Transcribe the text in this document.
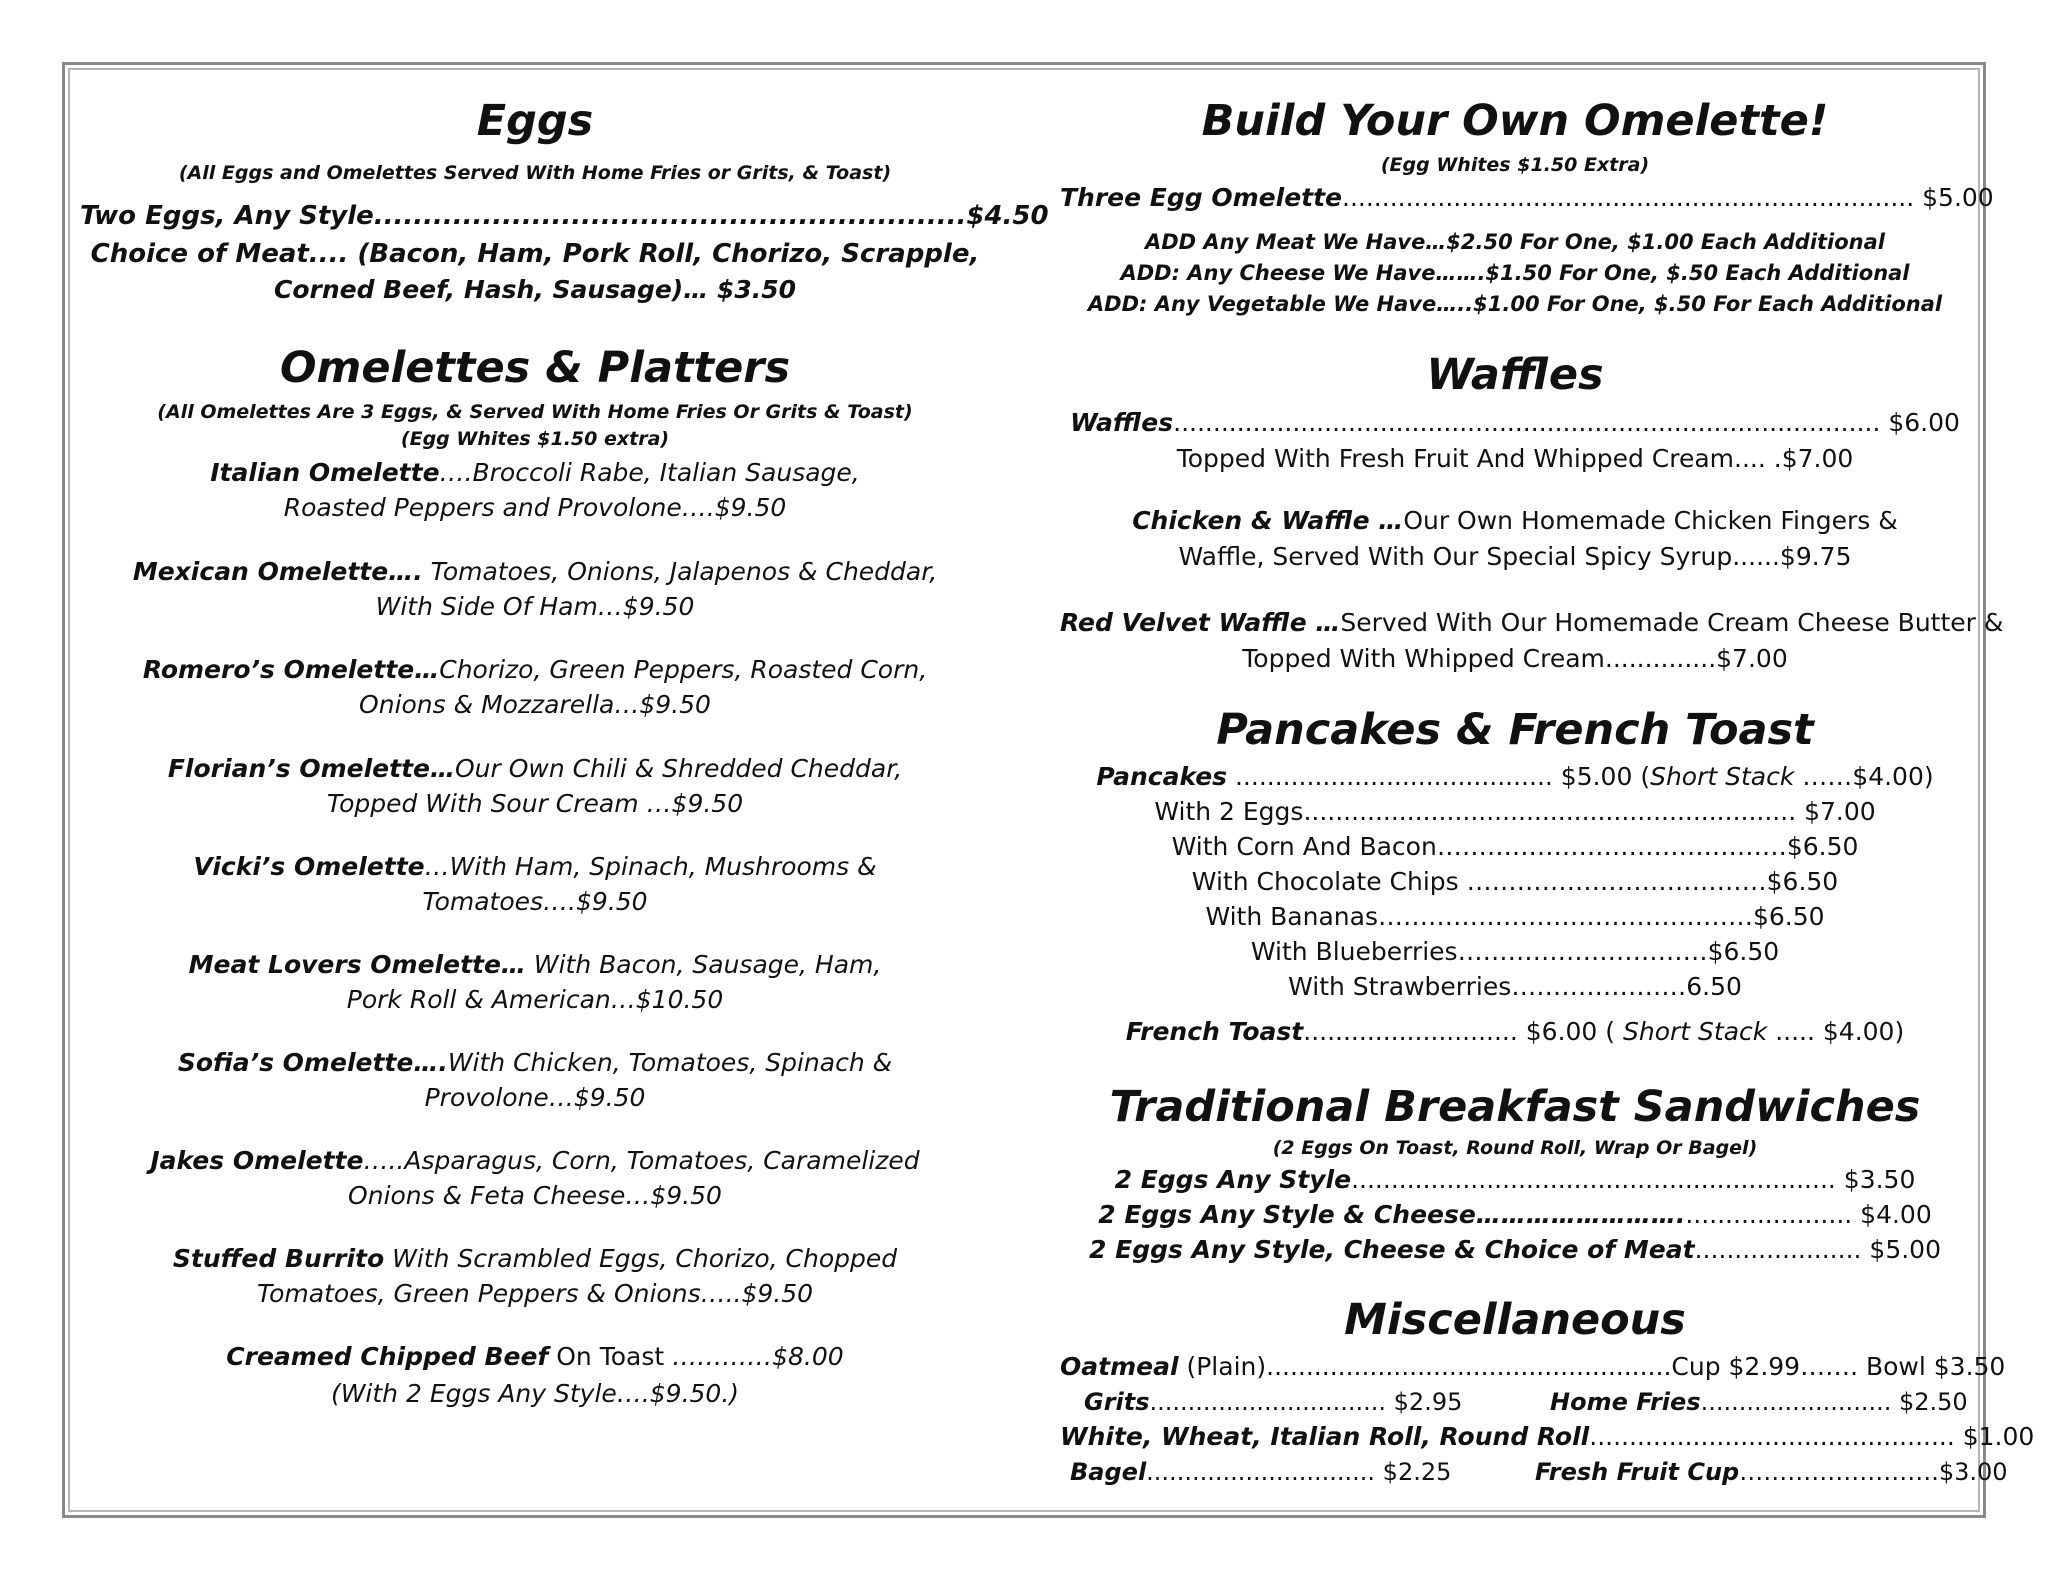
Eggs
(All Eggs and Omelettes Served With Home Fries or Grits, & Toast)
Two Eggs, Any Style............................................................$4.50
Choice of Meat.... (Bacon, Ham, Pork Roll, Chorizo, Scrapple,
Corned Beef, Hash, Sausage)… $3.50
Omelettes & Platters
(All Omelettes Are 3 Eggs, & Served With Home Fries Or Grits & Toast)
(Egg Whites $1.50 extra)
Italian Omelette….Broccoli Rabe, Italian Sausage,
Roasted Peppers and Provolone….$9.50
Mexican Omelette…. Tomatoes, Onions, Jalapenos & Cheddar,
With Side Of Ham…$9.50
Romero’s Omelette…Chorizo, Green Peppers, Roasted Corn,
Onions & Mozzarella…$9.50
Florian’s Omelette…Our Own Chili & Shredded Cheddar,
Topped With Sour Cream …$9.50
Vicki’s Omelette…With Ham, Spinach, Mushrooms &
Tomatoes….$9.50
Meat Lovers Omelette… With Bacon, Sausage, Ham,
Pork Roll & American…$10.50
Sofia’s Omelette….With Chicken, Tomatoes, Spinach &
Provolone…$9.50
Jakes Omelette…..Asparagus, Corn, Tomatoes, Caramelized
Onions & Feta Cheese…$9.50
Stuffed Burrito With Scrambled Eggs, Chorizo, Chopped
Tomatoes, Green Peppers & Onions…..$9.50
Creamed Chipped Beef On Toast …………$8.00
(With 2 Eggs Any Style….$9.50.)
Build Your Own Omelette!
(Egg Whites $1.50 Extra)
Three Egg Omelette........................................................................ $5.00
ADD Any Meat We Have…$2.50 For One, $1.00 Each Additional
ADD: Any Cheese We Have…….$1.50 For One, $.50 Each Additional
ADD: Any Vegetable We Have…..$1.00 For One, $.50 For Each Additional
Waffles
Waffles......................................................................................... $6.00
Topped With Fresh Fruit And Whipped Cream.... .$7.00
Chicken & Waffle …Our Own Homemade Chicken Fingers &
Waffle, Served With Our Special Spicy Syrup......$9.75
Red Velvet Waffle …Served With Our Homemade Cream Cheese Butter &
Topped With Whipped Cream..............$7.00
Pancakes & French Toast
Pancakes ........................................ $5.00 (Short Stack ……$4.00)
With 2 Eggs.............................................................. $7.00
With Corn And Bacon……………………………………$6.50
With Chocolate Chips ………………………………$6.50
With Bananas………………………………………$6.50
With Blueberries…………………………$6.50
With Strawberries…………………6.50
French Toast........................... $6.00 ( Short Stack ..... $4.00)
Traditional Breakfast Sandwiches
(2 Eggs On Toast, Round Roll, Wrap Or Bagel)
2 Eggs Any Style............................................................. $3.50
2 Eggs Any Style & Cheese……………………...................... $4.00
2 Eggs Any Style, Cheese & Choice of Meat..................... $5.00
Miscellaneous
Oatmeal (Plain)...................................................Cup $2.99……. Bowl $3.50
Grits............................... $2.95	Home Fries......................... $2.50
White, Wheat, Italian Roll, Round Roll.............................................. $1.00
Bagel.............................. $2.25	Fresh Fruit Cup…………………….$3.00
